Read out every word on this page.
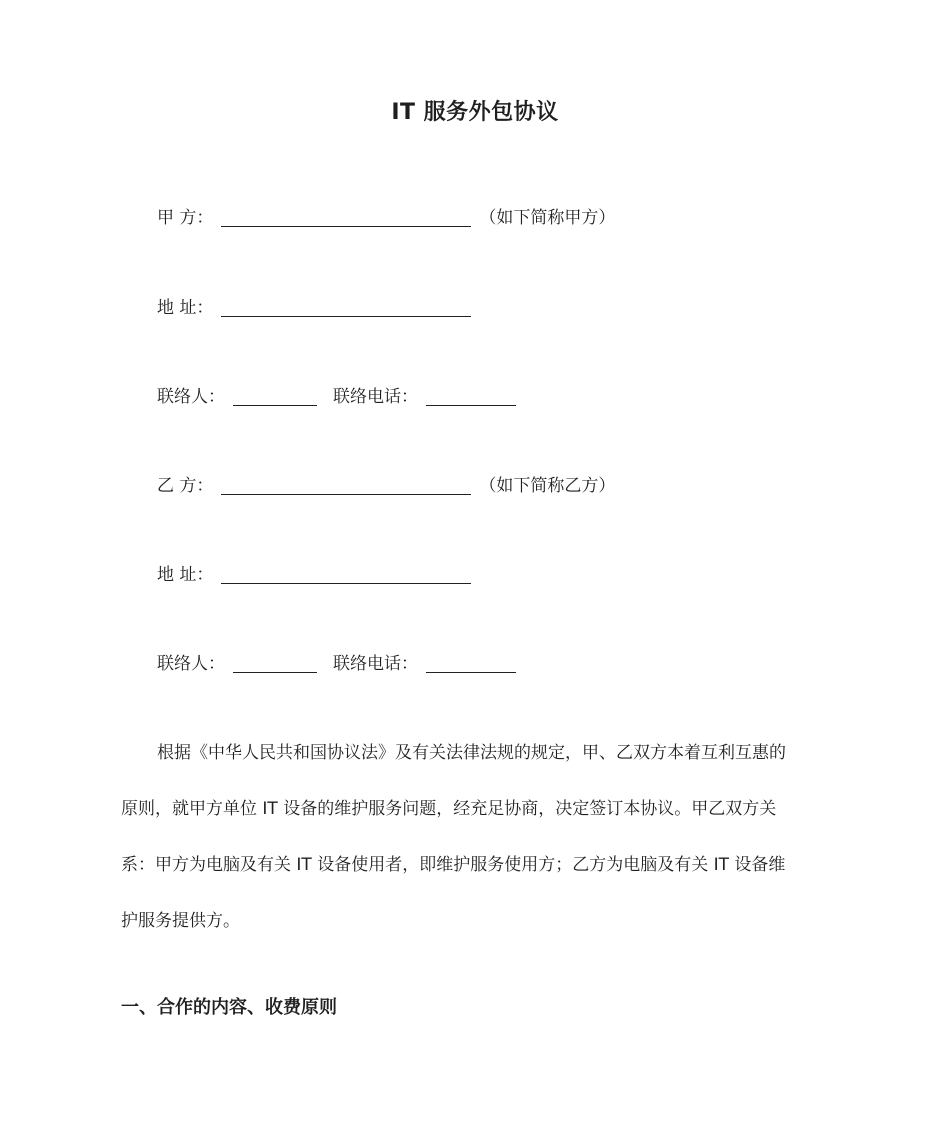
IT 服务外包协议
甲 方：	（如下简称甲方）
地 址：
联络人：	联络电话：
乙 方：	（如下简称乙方）
地 址：
联络人：	联络电话：
根据《中华人民共和国协议法》及有关法律法规的规定，甲、乙双方本着互利互惠的
原则，就甲方单位 IT 设备的维护服务问题，经充足协商，决定签订本协议。甲乙双方关
系：甲方为电脑及有关 IT 设备使用者，即维护服务使用方；乙方为电脑及有关 IT 设备维
护服务提供方。
一、合作的内容、收费原则
